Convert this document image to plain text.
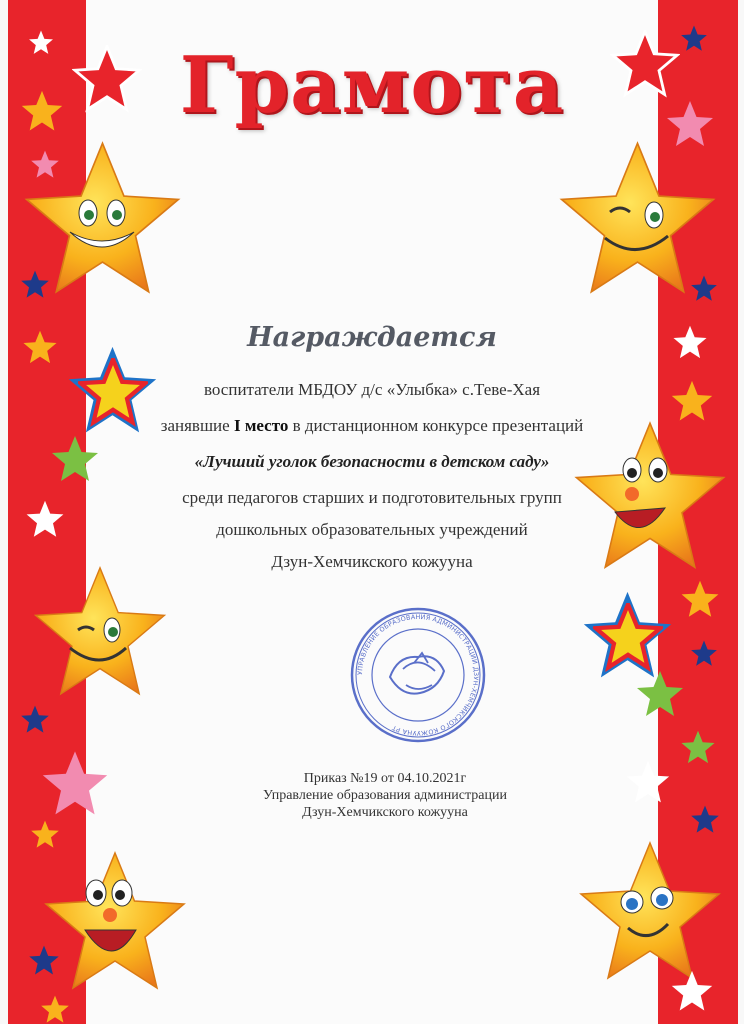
Грамота
Награждается
воспитатели МБДОУ д/с «Улыбка» с.Теве-Хая
занявшие I место в дистанционном конкурсе презентаций
«Лучший уголок безопасности в детском саду»
среди педагогов старших и подготовительных групп
дошкольных образовательных учреждений
Дзун-Хемчикского кожууна
УПРАВЛЕНИЕ ОБРАЗОВАНИЯ АДМИНИСТРАЦИИ ДЗУН-ХЕМЧИКСКОГО КОЖУУНА РТ
Приказ №19 от 04.10.2021г
Управление образования администрации
Дзун-Хемчикского кожууна
